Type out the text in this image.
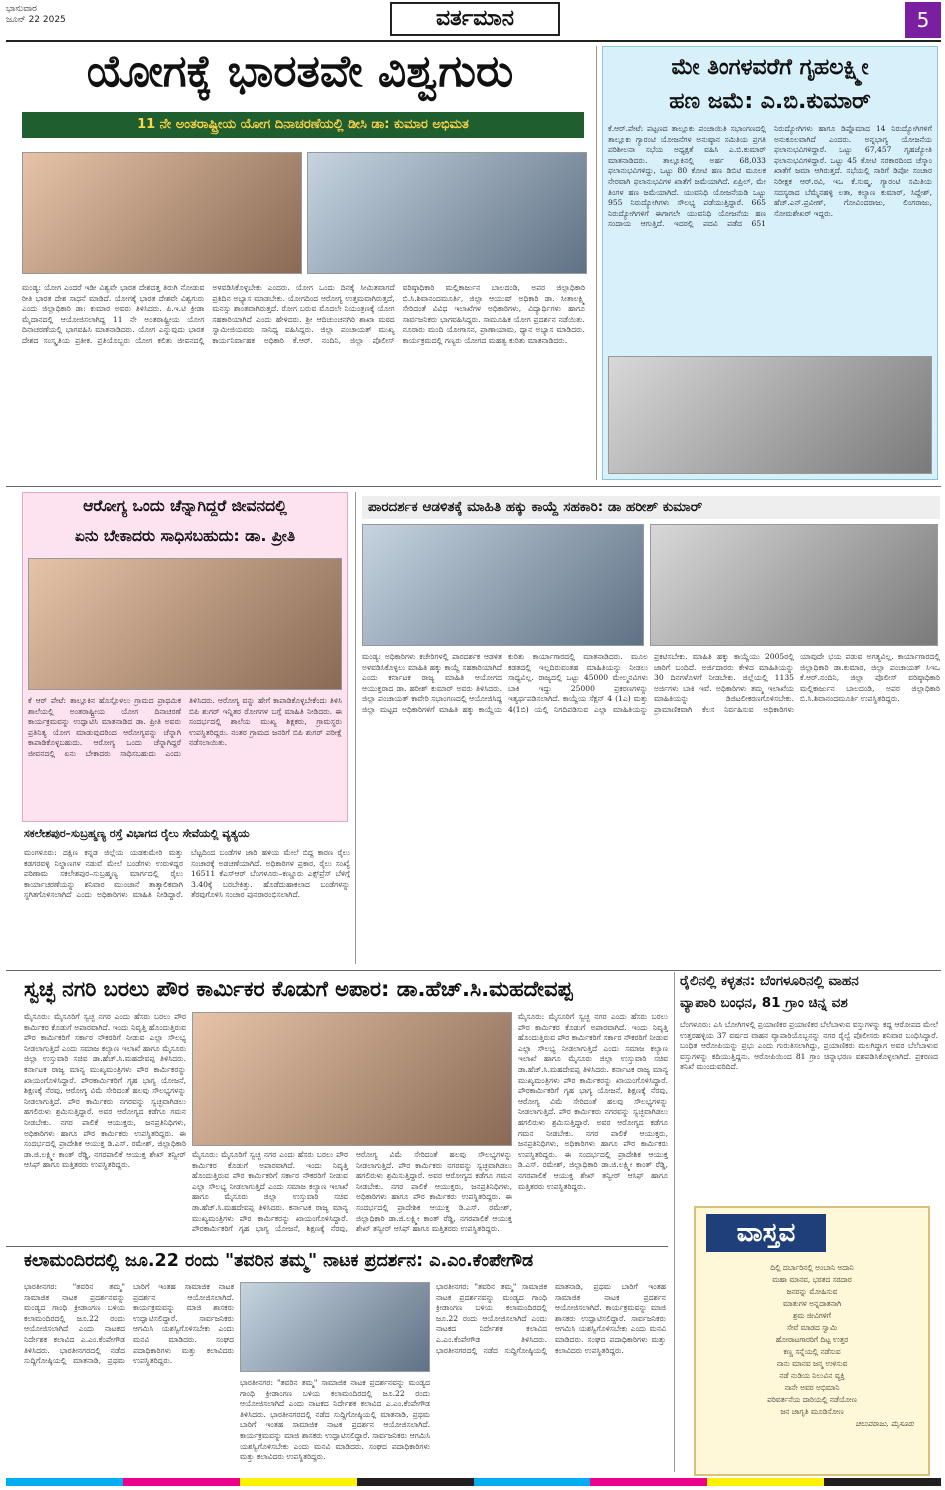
ಭಾನುವಾರ
ಜೂನ್ 22 2025	ವರ್ತಮಾನ	5
ಯೋಗಕ್ಕೆ ಭಾರತವೇ ವಿಶ್ವಗುರು
11 ನೇ ಅಂತರಾಷ್ಟ್ರೀಯ ಯೋಗ ದಿನಾಚರಣೆಯಲ್ಲಿ ಡೀಸಿ ಡಾ: ಕುಮಾರ ಅಭಿಮತ
ಮಂಡ್ಯ: ಯೋಗ ಎಂದರೆ ಇಡೀ ವಿಶ್ವವೇ ಭಾರತ ದೇಶದತ್ತ ತಿರುಗಿ ನೋಡುವ ರೀತಿ ಭಾರತ ದೇಶ ಸಾಧನೆ ಮಾಡಿದೆ. ಯೋಗಕ್ಕೆ ಭಾರತ ದೇಶವೇ ವಿಶ್ವಗುರು ಎಂದು ಜಿಲ್ಲಾಧಿಕಾರಿ ಡಾ: ಕುಮಾರ ಅವರು ತಿಳಿಸಿದರು. ಪಿ.ಇ.ಟಿ ಕ್ರೀಡಾ ಮೈದಾನದಲ್ಲಿ ಆಯೋಜಿಸಲಾಗಿದ್ದ 11 ನೇ ಅಂತರಾಷ್ಟ್ರೀಯ ಯೋಗ ದಿನಾಚರಣೆಯಲ್ಲಿ ಭಾಗವಹಿಸಿ ಮಾತನಾಡಿದರು. ಯೋಗ ಎನ್ನುವುದು ಭಾರತ ದೇಶದ ಸಂಸ್ಕೃತಿಯ ಪ್ರತೀಕ. ಪ್ರತಿಯೊಬ್ಬರು ಯೋಗ ಕಲಿತು ಜೀವನದಲ್ಲಿ ಅಳವಡಿಸಿಕೊಳ್ಳಬೇಕು ಎಂದರು. ಯೋಗ ಒಂದು ದಿನಕ್ಕೆ ಸೀಮಿತವಾಗದೆ ಪ್ರತಿದಿನ ಅಭ್ಯಾಸ ಮಾಡಬೇಕು. ಯೋಗದಿಂದ ಆರೋಗ್ಯ ಉತ್ತಮವಾಗಿರುತ್ತದೆ, ಮನಸ್ಸು ಶಾಂತವಾಗಿರುತ್ತದೆ. ರೋಗ ಬರುವ ಮೊದಲೇ ನಿಯಂತ್ರಣಕ್ಕೆ ಯೋಗ ಸಹಕಾರಿಯಾಗಿದೆ ಎಂದು ಹೇಳಿದರು. ಶ್ರೀ ಆದಿಚುಂಚನಗಿರಿ ಶಾಖಾ ಮಠದ ಸ್ವಾಮೀಜಿಯವರು ಸಾನಿಧ್ಯ ವಹಿಸಿದ್ದರು. ಜಿಲ್ಲಾ ಪಂಚಾಯತ್ ಮುಖ್ಯ ಕಾರ್ಯನಿರ್ವಾಹಕ ಅಧಿಕಾರಿ ಕೆ.ಆರ್. ನಂದಿನಿ, ಜಿಲ್ಲಾ ಪೊಲೀಸ್ ವರಿಷ್ಠಾಧಿಕಾರಿ ಮಲ್ಲಿಕಾರ್ಜುನ ಬಾಲದಂಡಿ, ಅಪರ ಜಿಲ್ಲಾಧಿಕಾರಿ ಬಿ.ಸಿ.ಶಿವಾನಂದಮೂರ್ತಿ, ಜಿಲ್ಲಾ ಆಯುಷ್ ಅಧಿಕಾರಿ ಡಾ. ಸೀತಾಲಕ್ಷ್ಮಿ ಸೇರಿದಂತೆ ವಿವಿಧ ಇಲಾಖೆಗಳ ಅಧಿಕಾರಿಗಳು, ವಿದ್ಯಾರ್ಥಿಗಳು ಹಾಗೂ ಸಾರ್ವಜನಿಕರು ಭಾಗವಹಿಸಿದ್ದರು. ಸಾಮೂಹಿಕ ಯೋಗ ಪ್ರದರ್ಶನ ನಡೆಯಿತು. ನೂರಾರು ಮಂದಿ ಯೋಗಾಸನ, ಪ್ರಾಣಾಯಾಮ, ಧ್ಯಾನ ಅಭ್ಯಾಸ ಮಾಡಿದರು. ಕಾರ್ಯಕ್ರಮದಲ್ಲಿ ಗಣ್ಯರು ಯೋಗದ ಮಹತ್ವ ಕುರಿತು ಮಾತನಾಡಿದರು.
ಮೇ ತಿಂಗಳವರೆಗೆ ಗೃಹಲಕ್ಷ್ಮೀ
ಹಣ ಜಮೆ: ಎ.ಬಿ.ಕುಮಾರ್
ಕೆ.ಆರ್.ಪೇಟೆ: ಪಟ್ಟಣದ ತಾಲ್ಲೂಕು ಪಂಚಾಯಿತಿ ಸಭಾಂಗಣದಲ್ಲಿ ತಾಲ್ಲೂಕು ಗ್ಯಾರಂಟಿ ಯೋಜನೆಗಳ ಅನುಷ್ಠಾನ ಸಮಿತಿಯ ಪ್ರಗತಿ ಪರಿಶೀಲನಾ ಸಭೆಯ ಅಧ್ಯಕ್ಷತೆ ವಹಿಸಿ ಎ.ಬಿ.ಕುಮಾರ್ ಮಾತನಾಡಿದರು. ತಾಲ್ಲೂಕಿನಲ್ಲಿ ಅರ್ಹ 68,033 ಫಲಾನುಭವಿಗಳಿದ್ದು, ಒಟ್ಟು 80 ಕೋಟಿ ಹಣ ಡಿಬಿಟಿ ಮೂಲಕ ನೇರವಾಗಿ ಫಲಾನುಭವಿಗಳ ಖಾತೆಗೆ ಜಮೆಯಾಗಿದೆ. ಏಪ್ರಿಲ್, ಮೇ ತಿಂಗಳ ಹಣ ಜಮೆಯಾಗಿದೆ. ಯುವನಿಧಿ ಯೋಜನೆಯಡಿ ಒಟ್ಟು 955 ನಿರುದ್ಯೋಗಿಗಳು ಸೌಲಭ್ಯ ಪಡೆಯುತ್ತಿದ್ದಾರೆ. 665 ನಿರುದ್ಯೋಗಿಗಳಿಗೆ ಈಗಾಗಲೇ ಯುವನಿಧಿ ಯೋಜನೆಯ ಹಣ ಸಂದಾಯ ಆಗುತ್ತಿದೆ. ಇದರಲ್ಲಿ ಪದವಿ ಪಡೆದ 651 ನಿರುದ್ಯೋಗಿಗಳು ಹಾಗೂ ಡಿಪ್ಲೊಮಾದ 14 ನಿರುದ್ಯೋಗಿಗಳಿಗೆ ಅನುಕೂಲವಾಗಿದೆ ಎಂದರು. ಅನ್ನಭಾಗ್ಯ ಯೋಜನೆಯ ಫಲಾನುಭವಿಗಳಿದ್ದಾರೆ. ಒಟ್ಟು 67,457 ಗೃಹಜ್ಯೋತಿ ಫಲಾನುಭವಿಗಳಿದ್ದಾರೆ. ಒಟ್ಟು 45 ಕೋಟಿ ಸರಕಾರದಿಂದ ಚೆಸ್ಕಾಂ ಖಾತೆಗೆ ಜಮಾ ಆಗಿರುತ್ತದೆ. ಸಭೆಯಲ್ಲಿ ಸಾರಿಗೆ ಡಿಪೋ ಸಂಚಾರ ನಿರೀಕ್ಷಕ ಆರ್.ರವಿ, ಇಒ ಕೆ.ಸುಷ್ಮ, ಗ್ಯಾರಂಟಿ ಸಮಿತಿಯ ಸದಸ್ಯರಾದ ಬೆಮ್ಮೆನಹಳ್ಳಿ ಲತಾ, ಕಲ್ಯಾಣ ಕುಮಾರ್, ಸಿದ್ದೇಶ್, ಹೆಚ್.ಎನ್.ಪ್ರವೀಣ್, ಗೋವಿಂದರಾಜು, ಲಿಂಗರಾಜು, ಸೋಮಶೇಖರ್ ಇದ್ದರು.
ಆರೋಗ್ಯ ಒಂದು ಚೆನ್ನಾಗಿದ್ದರೆ ಜೀವನದಲ್ಲಿ
ಏನು ಬೇಕಾದರು ಸಾಧಿಸಬಹುದು: ಡಾ. ಪ್ರೀತಿ
ಕೆ ಆರ್ ಪೇಟೆ: ತಾಲ್ಲೂಕಿನ ಹೊಸ್ಪೊಳಲು ಗ್ರಾಮದ ಪ್ರಾಥಮಿಕ ಶಾಲೆಯಲ್ಲಿ ಅಂತರಾಷ್ಟ್ರೀಯ ಯೋಗ ದಿನಾಚರಣೆ ಕಾರ್ಯಕ್ರಮವನ್ನು ಉದ್ಘಾಟಿಸಿ ಮಾತನಾಡಿದ ಡಾ. ಪ್ರೀತಿ ಅವರು ಪ್ರತಿನಿತ್ಯ ಯೋಗ ಮಾಡುವುದರಿಂದ ಆರೋಗ್ಯವನ್ನು ಚೆನ್ನಾಗಿ ಕಾಪಾಡಿಕೊಳ್ಳಬಹುದು. ಆರೋಗ್ಯ ಒಂದು ಚೆನ್ನಾಗಿದ್ದರೆ ಜೀವನದಲ್ಲಿ ಏನು ಬೇಕಾದರು ಸಾಧಿಸಬಹುದು ಎಂದು ತಿಳಿಸಿದರು. ಆರೋಗ್ಯ ವನ್ನು ಹೇಗೆ ಕಾಪಾಡಿಕೊಳ್ಳಬೇಕೆಂದು ತಿಳಿಸಿ ಬಿಪಿ ಶುಗರ್ ಇನ್ನಿತರ ರೋಗಗಳ ಬಗ್ಗೆ ಮಾಹಿತಿ ನೀಡಿದರು. ಈ ಸಂದರ್ಭದಲ್ಲಿ ಶಾಲೆಯ ಮುಖ್ಯ ಶಿಕ್ಷಕರು, ಗ್ರಾಮಸ್ಥರು ಉಪಸ್ಥಿತರಿದ್ದರು. ನಂತರ ಗ್ರಾಮದ ಜನರಿಗೆ ಬಿಪಿ ಶುಗರ್ ಪರೀಕ್ಷೆ ನಡೆಸಲಾಯಿತು.
ಸಕಲೇಶಪುರ–ಸುಬ್ರಹ್ಮಣ್ಯ ರಸ್ತೆ ವಿಭಾಗದ ರೈಲು ಸೇವೆಯಲ್ಲಿ ವ್ಯತ್ಯಯ
ಮಂಗಳೂರು: ದಕ್ಷಿಣ ಕನ್ನಡ ಜಿಲ್ಲೆಯ ಯಡಕುಮೇರಿ ಮತ್ತು ಕಡಗರವಳ್ಳಿ ನಿಲ್ದಾಣಗಳ ನಡುವೆ ಮೇಲೆ ಬಂಡೆಗಳು ಉರುಳಿದ್ದರ ಪರಿಣಾಮ ಸಕಲೇಶಪುರ–ಸುಬ್ರಹ್ಮಣ್ಯ ಮಾರ್ಗದಲ್ಲಿ ರೈಲು ಕಾರ್ಯಾಚರಣೆಯನ್ನು ಶನಿವಾರ ಮುಂಜಾನೆ ತಾತ್ಕಾಲಿಕವಾಗಿ ಸ್ಥಗಿತಗೊಳಿಸಲಾಗಿದೆ ಎಂದು ಅಧಿಕಾರಿಗಳು ಮಾಹಿತಿ ನೀಡಿದ್ದಾರೆ. ಬೆಟ್ಟದಿಂದ ಬಂಡೆಗಳ ಜಾರಿ ಹಳಿಯ ಮೇಲೆ ಬಿದ್ದ ಕಾರಣ ರೈಲು ಸಂಚಾರಕ್ಕೆ ಅಡಚಣೆಯಾಗಿದೆ. ಅಧಿಕಾರಿಗಳ ಪ್ರಕಾರ, ರೈಲು ಸಂಖ್ಯೆ 16511 ಕೆಎಸ್‌ಆರ್ ಬೆಂಗಳೂರು–ಕಣ್ಣೂರು ಎಕ್ಸ್‌ಪ್ರೆಸ್ ಬೆಳಿಗ್ಗೆ 3.40ಕ್ಕೆ ಬರಬೇಕಿತ್ತು. ಹೊಡೆದುಹಾಕಲಾದ ಬಂಡೆಗಳನ್ನು ತೆರವುಗೊಳಿಸಿ ಸಂಚಾರ ಪುನರಾರಂಭಿಸಲಾಗಿದೆ.
ಪಾರದರ್ಶಕ ಆಡಳಿತಕ್ಕೆ ಮಾಹಿತಿ ಹಕ್ಕು ಕಾಯ್ದೆ ಸಹಕಾರಿ: ಡಾ ಹರೀಶ್ ಕುಮಾರ್
ಮಂಡ್ಯ: ಅಧಿಕಾರಿಗಳು ಕಚೇರಿಗಳಲ್ಲಿ ಪಾರದರ್ಶಕ ಆಡಳಿತ ಅಳವಡಿಸಿಕೊಳ್ಳಲು ಮಾಹಿತಿ ಹಕ್ಕು ಕಾಯ್ದೆ ಸಹಕಾರಿಯಾಗಿದೆ ಎಂದು ಕರ್ನಾಟಕ ರಾಜ್ಯ ಮಾಹಿತಿ ಆಯೋಗದ ಆಯುಕ್ತರಾದ ಡಾ. ಹರೀಶ್ ಕುಮಾರ್ ಅವರು ತಿಳಿಸಿದರು. ಜಿಲ್ಲಾ ಪಂಚಾಯತ್ ಕಾವೇರಿ ಸಭಾಂಗಣದಲ್ಲಿ ಆಯೋಜಿಸಿದ್ದ ಜಿಲ್ಲಾ ಮಟ್ಟದ ಅಧಿಕಾರಿಗಳಿಗೆ ಮಾಹಿತಿ ಹಕ್ಕು ಕಾಯ್ದೆಯ ಕುರಿತು ಕಾರ್ಯಾಗಾರದಲ್ಲಿ ಮಾತನಾಡಿದರು. ಮೂಲ ಕಡತದಲ್ಲಿ ಇಲ್ಲದಿರುವಂತಹ ಮಾಹಿತಿಯನ್ನು ನೀಡಲು ಸಾಧ್ಯವಿಲ್ಲ. ರಾಜ್ಯದಲ್ಲಿ ಒಟ್ಟು 45000 ಮೇಲ್ಮನವಿಗಳು ಬಾಕಿ ಇದ್ದು 25000 ಪ್ರಕರಣಗಳನ್ನು ಇತ್ಯರ್ಥಪಡಿಸಲಾಗಿದೆ. ಕಾಯ್ದೆಯ ಸೆಕ್ಷನ್ 4 (1ಎ) ಮತ್ತು 4(1ಬಿ) ಯಲ್ಲಿ ನಿಗದಿಪಡಿಸುವ ಎಲ್ಲಾ ಮಾಹಿತಿಯನ್ನು ಪ್ರಕಟಿಸಬೇಕು. ಮಾಹಿತಿ ಹಕ್ಕು ಕಾಯ್ದೆಯು 2005ರಲ್ಲಿ ಜಾರಿಗೆ ಬಂದಿದೆ. ಅರ್ಜಿದಾರರು ಕೇಳಿದ ಮಾಹಿತಿಯನ್ನು 30 ದಿನಗಳೊಳಗೆ ನೀಡಬೇಕು. ಜಿಲ್ಲೆಯಲ್ಲಿ 1135 ಅರ್ಜಿಗಳು ಬಾಕಿ ಇವೆ. ಅಧಿಕಾರಿಗಳು ತಮ್ಮ ಇಲಾಖೆಯ ಮಾಹಿತಿಯನ್ನು ಡಿಜಿಟಲೀಕರಣಗೊಳಿಸಬೇಕು. ಪ್ರಾಮಾಣಿಕವಾಗಿ ಕೆಲಸ ನಿರ್ವಹಿಸುವ ಅಧಿಕಾರಿಗಳು ಯಾವುದೇ ಭಯ ಪಡುವ ಅಗತ್ಯವಿಲ್ಲ. ಕಾರ್ಯಾಗಾರದಲ್ಲಿ ಜಿಲ್ಲಾಧಿಕಾರಿ ಡಾ.ಕುಮಾರ, ಜಿಲ್ಲಾ ಪಂಚಾಯತ್ ಸಿಇಒ ಕೆ.ಆರ್.ನಂದಿನಿ, ಜಿಲ್ಲಾ ಪೊಲೀಸ್ ವರಿಷ್ಠಾಧಿಕಾರಿ ಮಲ್ಲಿಕಾರ್ಜುನ ಬಾಲದಂಡಿ, ಅಪರ ಜಿಲ್ಲಾಧಿಕಾರಿ ಬಿ.ಸಿ.ಶಿವಾನಂದಮೂರ್ತಿ ಉಪಸ್ಥಿತರಿದ್ದರು.
ಸ್ವಚ್ಛ ನಗರಿ ಬರಲು ಪೌರ ಕಾರ್ಮಿಕರ ಕೊಡುಗೆ ಅಪಾರ: ಡಾ.ಹೆಚ್.ಸಿ.ಮಹದೇವಪ್ಪ
ಮೈಸೂರು: ಮೈಸೂರಿಗೆ ಸ್ವಚ್ಛ ನಗರ ಎಂದು ಹೆಸರು ಬರಲು ಪೌರ ಕಾರ್ಮಿಕರ ಕೊಡುಗೆ ಅಪಾರವಾಗಿದೆ. ಇಂದು ನಿವೃತ್ತಿ ಹೊಂದುತ್ತಿರುವ ಪೌರ ಕಾರ್ಮಿಕರಿಗೆ ಸರ್ಕಾರ ನೌಕರರಿಗೆ ನೀಡುವ ಎಲ್ಲಾ ಸೌಲಭ್ಯ ನೀಡಲಾಗುತ್ತಿದೆ ಎಂದು ಸಮಾಜ ಕಲ್ಯಾಣ ಇಲಾಖೆ ಹಾಗೂ ಮೈಸೂರು ಜಿಲ್ಲಾ ಉಸ್ತುವಾರಿ ಸಚಿವ ಡಾ.ಹೆಚ್.ಸಿ.ಮಹದೇವಪ್ಪ ತಿಳಿಸಿದರು. ಕರ್ನಾಟಕ ರಾಜ್ಯ ಮಾನ್ಯ ಮುಖ್ಯಮಂತ್ರಿಗಳು ಪೌರ ಕಾರ್ಮಿಕರನ್ನು ಖಾಯಂಗೊಳಿಸಿದ್ದಾರೆ. ಪೌರಕಾರ್ಮಿಕರಿಗೆ ಗೃಹ ಭಾಗ್ಯ ಯೋಜನೆ, ಶಿಕ್ಷಣಕ್ಕೆ ನೆರವು, ಆರೋಗ್ಯ ವಿಮೆ ಸೇರಿದಂತೆ ಹಲವು ಸೌಲಭ್ಯಗಳನ್ನು ನೀಡಲಾಗುತ್ತಿದೆ. ಪೌರ ಕಾರ್ಮಿಕರು ನಗರವನ್ನು ಸ್ವಚ್ಛವಾಗಿಡಲು ಹಗಲಿರುಳು ಶ್ರಮಿಸುತ್ತಿದ್ದಾರೆ. ಅವರ ಆರೋಗ್ಯದ ಕಡೆಗೂ ಗಮನ ನೀಡಬೇಕು. ನಗರ ಪಾಲಿಕೆ ಆಯುಕ್ತರು, ಜನಪ್ರತಿನಿಧಿಗಳು, ಅಧಿಕಾರಿಗಳು ಹಾಗೂ ಪೌರ ಕಾರ್ಮಿಕರು ಉಪಸ್ಥಿತರಿದ್ದರು. ಈ ಸಂದರ್ಭದಲ್ಲಿ ಪ್ರಾದೇಶಿಕ ಆಯುಕ್ತ ಡಿ.ಎಸ್. ರಮೇಶ್, ಜಿಲ್ಲಾಧಿಕಾರಿ ಡಾ.ಜಿ.ಲಕ್ಷ್ಮೀ ಕಾಂತ್ ರೆಡ್ಡಿ, ನಗರಪಾಲಿಕೆ ಆಯುಕ್ತ ಶೇಖ್ ತನ್ವೀರ್ ಆಸಿಫ್ ಹಾಗೂ ಮತ್ತಿತರರು ಉಪಸ್ಥಿತರಿದ್ದರು.
ಮೈಸೂರು: ಮೈಸೂರಿಗೆ ಸ್ವಚ್ಛ ನಗರ ಎಂದು ಹೆಸರು ಬರಲು ಪೌರ ಕಾರ್ಮಿಕರ ಕೊಡುಗೆ ಅಪಾರವಾಗಿದೆ. ಇಂದು ನಿವೃತ್ತಿ ಹೊಂದುತ್ತಿರುವ ಪೌರ ಕಾರ್ಮಿಕರಿಗೆ ಸರ್ಕಾರ ನೌಕರರಿಗೆ ನೀಡುವ ಎಲ್ಲಾ ಸೌಲಭ್ಯ ನೀಡಲಾಗುತ್ತಿದೆ ಎಂದು ಸಮಾಜ ಕಲ್ಯಾಣ ಇಲಾಖೆ ಹಾಗೂ ಮೈಸೂರು ಜಿಲ್ಲಾ ಉಸ್ತುವಾರಿ ಸಚಿವ ಡಾ.ಹೆಚ್.ಸಿ.ಮಹದೇವಪ್ಪ ತಿಳಿಸಿದರು. ಕರ್ನಾಟಕ ರಾಜ್ಯ ಮಾನ್ಯ ಮುಖ್ಯಮಂತ್ರಿಗಳು ಪೌರ ಕಾರ್ಮಿಕರನ್ನು ಖಾಯಂಗೊಳಿಸಿದ್ದಾರೆ. ಪೌರಕಾರ್ಮಿಕರಿಗೆ ಗೃಹ ಭಾಗ್ಯ ಯೋಜನೆ, ಶಿಕ್ಷಣಕ್ಕೆ ನೆರವು, ಆರೋಗ್ಯ ವಿಮೆ ಸೇರಿದಂತೆ ಹಲವು ಸೌಲಭ್ಯಗಳನ್ನು ನೀಡಲಾಗುತ್ತಿದೆ. ಪೌರ ಕಾರ್ಮಿಕರು ನಗರವನ್ನು ಸ್ವಚ್ಛವಾಗಿಡಲು ಹಗಲಿರುಳು ಶ್ರಮಿಸುತ್ತಿದ್ದಾರೆ. ಅವರ ಆರೋಗ್ಯದ ಕಡೆಗೂ ಗಮನ ನೀಡಬೇಕು. ನಗರ ಪಾಲಿಕೆ ಆಯುಕ್ತರು, ಜನಪ್ರತಿನಿಧಿಗಳು, ಅಧಿಕಾರಿಗಳು ಹಾಗೂ ಪೌರ ಕಾರ್ಮಿಕರು ಉಪಸ್ಥಿತರಿದ್ದರು. ಈ ಸಂದರ್ಭದಲ್ಲಿ ಪ್ರಾದೇಶಿಕ ಆಯುಕ್ತ ಡಿ.ಎಸ್. ರಮೇಶ್, ಜಿಲ್ಲಾಧಿಕಾರಿ ಡಾ.ಜಿ.ಲಕ್ಷ್ಮೀ ಕಾಂತ್ ರೆಡ್ಡಿ, ನಗರಪಾಲಿಕೆ ಆಯುಕ್ತ ಶೇಖ್ ತನ್ವೀರ್ ಆಸಿಫ್ ಹಾಗೂ ಮತ್ತಿತರರು ಉಪಸ್ಥಿತರಿದ್ದರು.
ಮೈಸೂರು: ಮೈಸೂರಿಗೆ ಸ್ವಚ್ಛ ನಗರ ಎಂದು ಹೆಸರು ಬರಲು ಪೌರ ಕಾರ್ಮಿಕರ ಕೊಡುಗೆ ಅಪಾರವಾಗಿದೆ. ಇಂದು ನಿವೃತ್ತಿ ಹೊಂದುತ್ತಿರುವ ಪೌರ ಕಾರ್ಮಿಕರಿಗೆ ಸರ್ಕಾರ ನೌಕರರಿಗೆ ನೀಡುವ ಎಲ್ಲಾ ಸೌಲಭ್ಯ ನೀಡಲಾಗುತ್ತಿದೆ ಎಂದು ಸಮಾಜ ಕಲ್ಯಾಣ ಇಲಾಖೆ ಹಾಗೂ ಮೈಸೂರು ಜಿಲ್ಲಾ ಉಸ್ತುವಾರಿ ಸಚಿವ ಡಾ.ಹೆಚ್.ಸಿ.ಮಹದೇವಪ್ಪ ತಿಳಿಸಿದರು. ಕರ್ನಾಟಕ ರಾಜ್ಯ ಮಾನ್ಯ ಮುಖ್ಯಮಂತ್ರಿಗಳು ಪೌರ ಕಾರ್ಮಿಕರನ್ನು ಖಾಯಂಗೊಳಿಸಿದ್ದಾರೆ. ಪೌರಕಾರ್ಮಿಕರಿಗೆ ಗೃಹ ಭಾಗ್ಯ ಯೋಜನೆ, ಶಿಕ್ಷಣಕ್ಕೆ ನೆರವು, ಆರೋಗ್ಯ ವಿಮೆ ಸೇರಿದಂತೆ ಹಲವು ಸೌಲಭ್ಯಗಳನ್ನು ನೀಡಲಾಗುತ್ತಿದೆ. ಪೌರ ಕಾರ್ಮಿಕರು ನಗರವನ್ನು ಸ್ವಚ್ಛವಾಗಿಡಲು ಹಗಲಿರುಳು ಶ್ರಮಿಸುತ್ತಿದ್ದಾರೆ. ಅವರ ಆರೋಗ್ಯದ ಕಡೆಗೂ ಗಮನ ನೀಡಬೇಕು. ನಗರ ಪಾಲಿಕೆ ಆಯುಕ್ತರು, ಜನಪ್ರತಿನಿಧಿಗಳು, ಅಧಿಕಾರಿಗಳು ಹಾಗೂ ಪೌರ ಕಾರ್ಮಿಕರು ಉಪಸ್ಥಿತರಿದ್ದರು. ಈ ಸಂದರ್ಭದಲ್ಲಿ ಪ್ರಾದೇಶಿಕ ಆಯುಕ್ತ ಡಿ.ಎಸ್. ರಮೇಶ್, ಜಿಲ್ಲಾಧಿಕಾರಿ ಡಾ.ಜಿ.ಲಕ್ಷ್ಮೀ ಕಾಂತ್ ರೆಡ್ಡಿ, ನಗರಪಾಲಿಕೆ ಆಯುಕ್ತ ಶೇಖ್ ತನ್ವೀರ್ ಆಸಿಫ್ ಹಾಗೂ ಮತ್ತಿತರರು ಉಪಸ್ಥಿತರಿದ್ದರು.
ರೈಲಿನಲ್ಲಿ ಕಳ್ಳತನ: ಬೆಂಗಳೂರಿನಲ್ಲಿ ವಾಹನ
ವ್ಯಾಪಾರಿ ಬಂಧನ, 81 ಗ್ರಾಂ ಚಿನ್ನ ವಶ
ಬೆಂಗಳೂರು: ಎಸಿ ಬೋಗಿಗಳಲ್ಲಿ ಪ್ರಯಾಣಿಕರ ಪ್ರಯಾಣಿಕರ ಬೆಲೆಬಾಳುವ ವಸ್ತುಗಳನ್ನು ಕದ್ದ ಆರೋಪದ ಮೇಲೆ ಉತ್ತರಹಳ್ಳಿಯ 37 ವರ್ಷದ ವಾಹನ ವ್ಯಾಪಾರಿಯೊಬ್ಬನನ್ನು ನಗರ ರೈಲ್ವೆ ಪೊಲೀಸರು ಶನಿವಾರ ಬಂಧಿಸಿದ್ದಾರೆ. ಬಂಧಿತ ಆರೋಪಿಯನ್ನು ಪ್ರಭು ಎಂದು ಗುರುತಿಸಲಾಗಿದ್ದು, ಪ್ರಯಾಣಿಕರು ಮಲಗಿದ್ದಾಗ ಅವರ ಬೆಲೆಬಾಳುವ ವಸ್ತುಗಳನ್ನು ಕದಿಯುತ್ತಿದ್ದನು. ಆರೋಪಿಯಿಂದ 81 ಗ್ರಾಂ ಚಿನ್ನಾಭರಣ ವಶಪಡಿಸಿಕೊಳ್ಳಲಾಗಿದೆ. ಪ್ರಕರಣದ ತನಿಖೆ ಮುಂದುವರಿದಿದೆ.
ವಾಸ್ತವ
ದಿಲ್ಲಿ ದರ್ಬಾರಿನಲ್ಲಿ ಅಂಬಾನಿ ಅದಾನಿ
ಮಹಾ ಮಾನವ, ಭರತದ ಸರದಾರ
ಜನರನ್ನು ಮೋಹಿಸುವ
ಮಾತುಗಳ ಅನ್ನದಾತನಾಗಿ
ಶ್ರಮ ಜೀವಿಗಳಿಗೆ
ಸೇವೆ ಮಾಡದ ಸ್ವಾಮಿ
ಹೋರಾಟಗಾರರಿಗೆ ದಿಟ್ಟ ಉತ್ತರ
ಕಣ್ಣ ಸನ್ನೆಯಲ್ಲಿ ನಡೆಸುವ
ನಾನು ಮಾನವ ಜನ್ಮ ಉಳಿಸುವ
ನಡೆ ನುಡಿಯ ನಿಲುವಿನ ವ್ಯಕ್ತಿ
ನಾನೇ ಅವರ ಅಭಿಮಾನಿ
ಪರಿವರ್ತನೆಯ ದಾರಿಯಲ್ಲಿ ನಡೆಯೋಣ
ಜನ ಜಾಗೃತಿ ಮೂಡಿಸೋಣ
ಚಲುವರಾಜು, ಮೈಸೂರು
ಕಲಾಮಂದಿರದಲ್ಲಿ ಜೂ.22 ರಂದು "ತವರಿನ ತಮ್ಮ" ನಾಟಕ ಪ್ರದರ್ಶನ: ಎ.ಎಂ.ಕೆಂಪೇಗೌಡ
ಭಾರತೀನಗರ: "ತವರಿನ ತಮ್ಮ" ಸಾಮಾಜಿಕ ನಾಟಕ ಪ್ರದರ್ಶನವನ್ನು ಮಂಡ್ಯದ ಗಾಂಧಿ ಕ್ರೀಡಾಂಗಣ ಬಳಿಯ ಕಲಾಮಂದಿರದಲ್ಲಿ ಜೂ.22 ರಂದು ಆಯೋಜಿಸಲಾಗಿದೆ ಎಂದು ನಾಟಕದ ನಿರ್ದೇಶಕ ಕಲಾವಿದ ಎ.ಎಂ.ಕೆಂಪೇಗೌಡ ತಿಳಿಸಿದರು. ಭಾರತೀನಗರದಲ್ಲಿ ನಡೆದ ಸುದ್ದಿಗೋಷ್ಠಿಯಲ್ಲಿ ಮಾತನಾಡಿ, ಪ್ರಥಮ ಬಾರಿಗೆ ಇಂತಹ ಸಾಮಾಜಿಕ ನಾಟಕ ಪ್ರದರ್ಶನ ಆಯೋಜಿಸಲಾಗಿದೆ. ಕಾರ್ಯಕ್ರಮವನ್ನು ಮಾಜಿ ಶಾಸಕರು ಉದ್ಘಾಟಿಸಲಿದ್ದಾರೆ. ಸಾರ್ವಜನಿಕರು ಆಗಮಿಸಿ ಯಶಸ್ವಿಗೊಳಿಸಬೇಕು ಎಂದು ಮನವಿ ಮಾಡಿದರು. ಸಂಘದ ಪದಾಧಿಕಾರಿಗಳು ಮತ್ತು ಕಲಾವಿದರು ಉಪಸ್ಥಿತರಿದ್ದರು.
ಭಾರತೀನಗರ: "ತವರಿನ ತಮ್ಮ" ಸಾಮಾಜಿಕ ನಾಟಕ ಪ್ರದರ್ಶನವನ್ನು ಮಂಡ್ಯದ ಗಾಂಧಿ ಕ್ರೀಡಾಂಗಣ ಬಳಿಯ ಕಲಾಮಂದಿರದಲ್ಲಿ ಜೂ.22 ರಂದು ಆಯೋಜಿಸಲಾಗಿದೆ ಎಂದು ನಾಟಕದ ನಿರ್ದೇಶಕ ಕಲಾವಿದ ಎ.ಎಂ.ಕೆಂಪೇಗೌಡ ತಿಳಿಸಿದರು. ಭಾರತೀನಗರದಲ್ಲಿ ನಡೆದ ಸುದ್ದಿಗೋಷ್ಠಿಯಲ್ಲಿ ಮಾತನಾಡಿ, ಪ್ರಥಮ ಬಾರಿಗೆ ಇಂತಹ ಸಾಮಾಜಿಕ ನಾಟಕ ಪ್ರದರ್ಶನ ಆಯೋಜಿಸಲಾಗಿದೆ. ಕಾರ್ಯಕ್ರಮವನ್ನು ಮಾಜಿ ಶಾಸಕರು ಉದ್ಘಾಟಿಸಲಿದ್ದಾರೆ. ಸಾರ್ವಜನಿಕರು ಆಗಮಿಸಿ ಯಶಸ್ವಿಗೊಳಿಸಬೇಕು ಎಂದು ಮನವಿ ಮಾಡಿದರು. ಸಂಘದ ಪದಾಧಿಕಾರಿಗಳು ಮತ್ತು ಕಲಾವಿದರು ಉಪಸ್ಥಿತರಿದ್ದರು.
ಭಾರತೀನಗರ: "ತವರಿನ ತಮ್ಮ" ಸಾಮಾಜಿಕ ನಾಟಕ ಪ್ರದರ್ಶನವನ್ನು ಮಂಡ್ಯದ ಗಾಂಧಿ ಕ್ರೀಡಾಂಗಣ ಬಳಿಯ ಕಲಾಮಂದಿರದಲ್ಲಿ ಜೂ.22 ರಂದು ಆಯೋಜಿಸಲಾಗಿದೆ ಎಂದು ನಾಟಕದ ನಿರ್ದೇಶಕ ಕಲಾವಿದ ಎ.ಎಂ.ಕೆಂಪೇಗೌಡ ತಿಳಿಸಿದರು. ಭಾರತೀನಗರದಲ್ಲಿ ನಡೆದ ಸುದ್ದಿಗೋಷ್ಠಿಯಲ್ಲಿ ಮಾತನಾಡಿ, ಪ್ರಥಮ ಬಾರಿಗೆ ಇಂತಹ ಸಾಮಾಜಿಕ ನಾಟಕ ಪ್ರದರ್ಶನ ಆಯೋಜಿಸಲಾಗಿದೆ. ಕಾರ್ಯಕ್ರಮವನ್ನು ಮಾಜಿ ಶಾಸಕರು ಉದ್ಘಾಟಿಸಲಿದ್ದಾರೆ. ಸಾರ್ವಜನಿಕರು ಆಗಮಿಸಿ ಯಶಸ್ವಿಗೊಳಿಸಬೇಕು ಎಂದು ಮನವಿ ಮಾಡಿದರು. ಸಂಘದ ಪದಾಧಿಕಾರಿಗಳು ಮತ್ತು ಕಲಾವಿದರು ಉಪಸ್ಥಿತರಿದ್ದರು.
